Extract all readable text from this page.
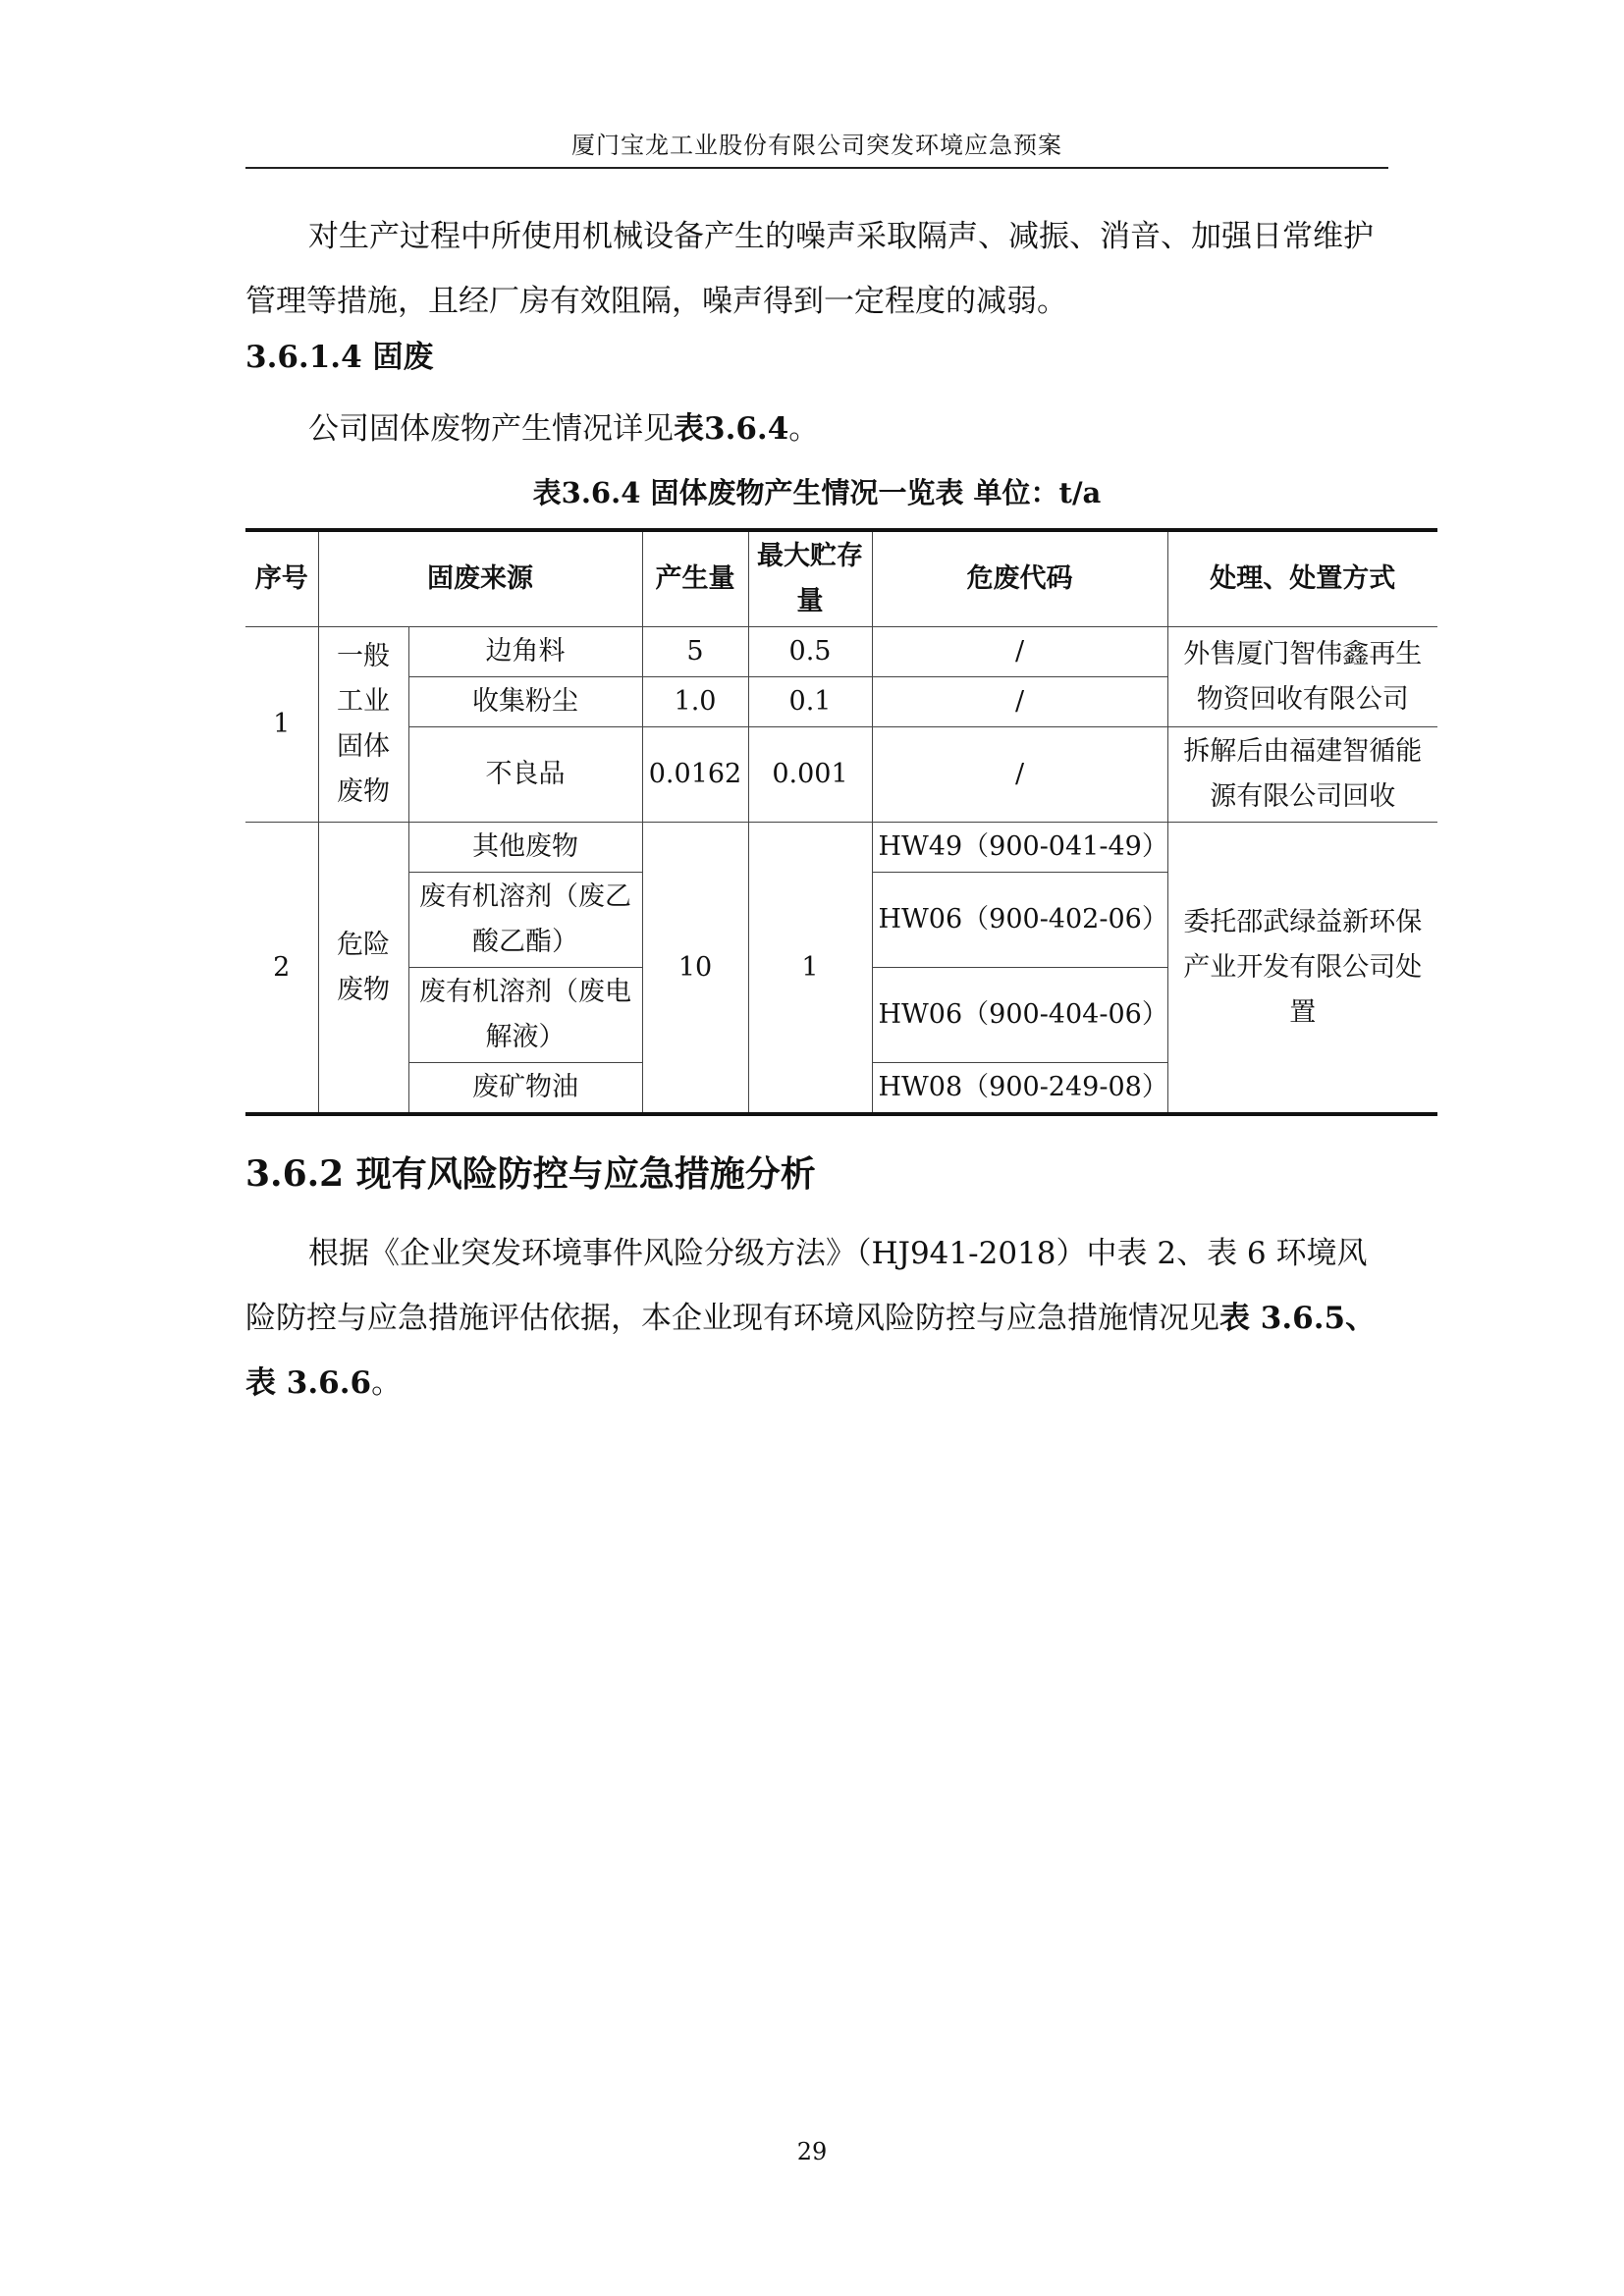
厦门宝龙工业股份有限公司突发环境应急预案

对生产过程中所使用机械设备产生的噪声采取隔声、减振、消音、加强日常维护管理等措施，且经厂房有效阻隔，噪声得到一定程度的减弱。

3.6.1.4 固废

公司固体废物产生情况详见表3.6.4。

表3.6.4 固体废物产生情况一览表 单位：t/a
序号	固废来源		产生量	最大贮存量	危废代码	处理、处置方式
1	一般工业固体废物	边角料	5	0.5	/	外售厦门智伟鑫再生物资回收有限公司
		收集粉尘	1.0	0.1	/	
		不良品	0.0162	0.001	/	拆解后由福建智循能源有限公司回收
2	危险废物	其他废物	10	1	HW49（900-041-49）	委托邵武绿益新环保产业开发有限公司处置
		废有机溶剂（废乙酸乙酯）			HW06（900-402-06）	
		废有机溶剂（废电解液）			HW06（900-404-06）	
		废矿物油			HW08（900-249-08）	
3.6.2 现有风险防控与应急措施分析

根据《企业突发环境事件风险分级方法》（HJ941-2018）中表 2、表 6 环境风险防控与应急措施评估依据，本企业现有环境风险防控与应急措施情况见表 3.6.5、表 3.6.6。

29
